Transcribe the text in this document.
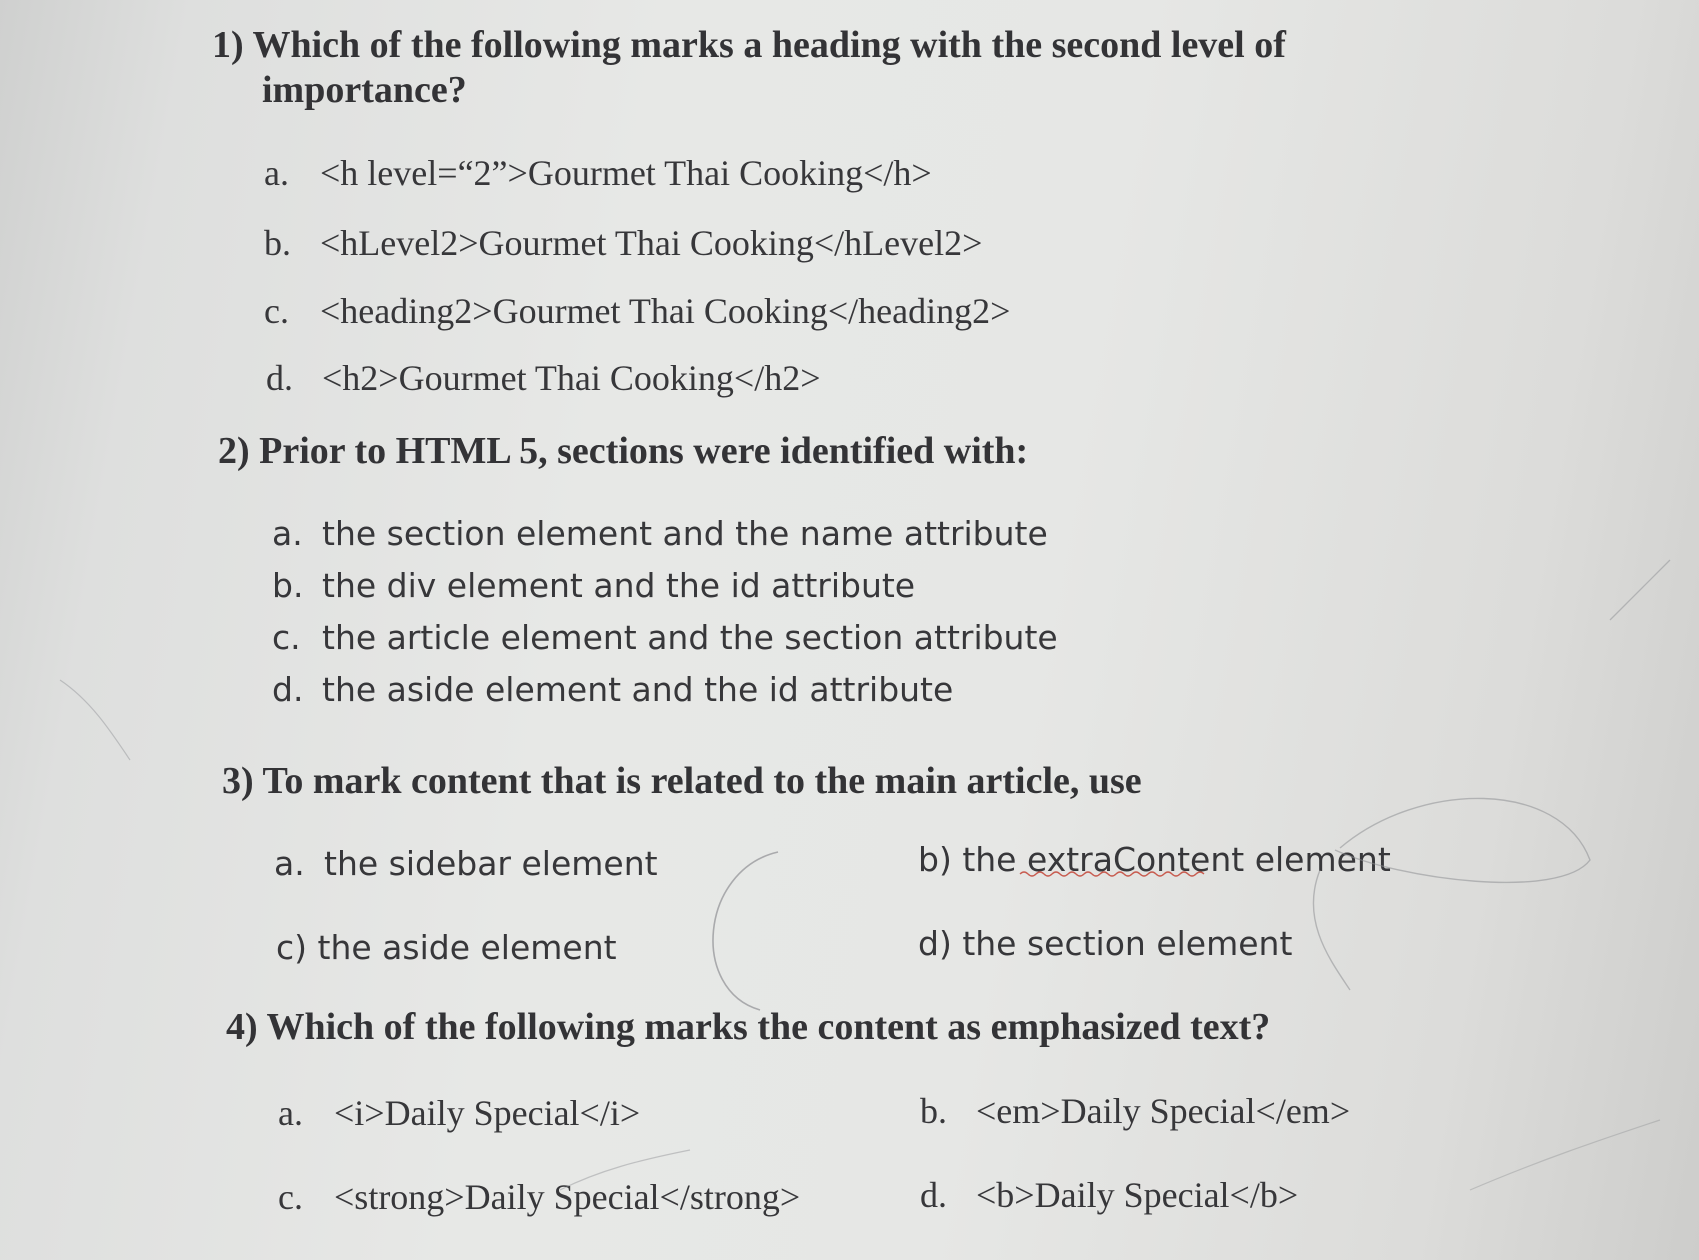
1) Which of the following marks a heading with the second level of
importance?
a. <h level=“2”>Gourmet Thai Cooking</h>
b. <hLevel2>Gourmet Thai Cooking</hLevel2>
c. <heading2>Gourmet Thai Cooking</heading2>
d. <h2>Gourmet Thai Cooking</h2>
2) Prior to HTML 5, sections were identified with:
a. the section element and the name attribute
b. the div element and the id attribute
c. the article element and the section attribute
d. the aside element and the id attribute
3) To mark content that is related to the main article, use
a. the sidebar element	b) the extraContent element
c) the aside element	d) the section element
4) Which of the following marks the content as emphasized text?
a. <i>Daily Special</i>	b. <em>Daily Special</em>
c. <strong>Daily Special</strong>	d. <b>Daily Special</b>
